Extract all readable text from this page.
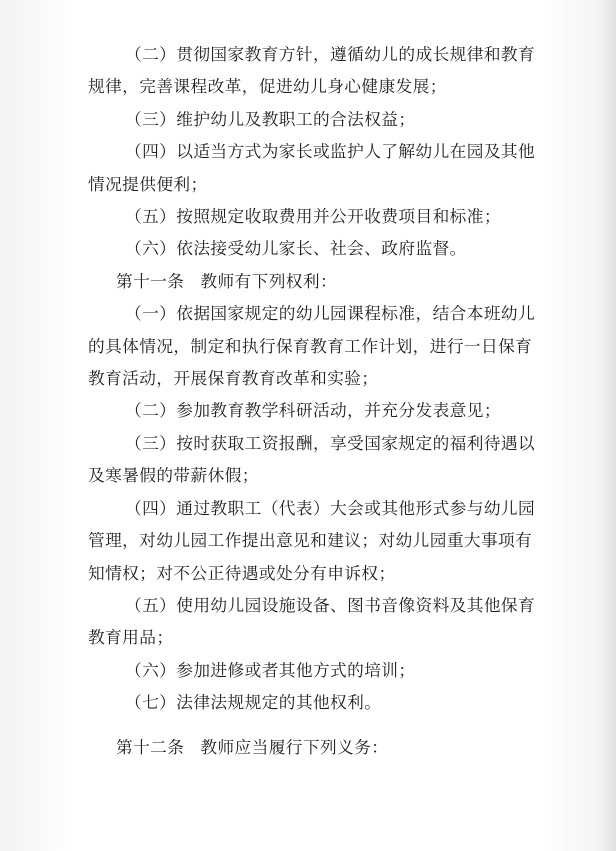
（二）贯彻国家教育方针，遵循幼儿的成长规律和教育
规律，完善课程改革，促进幼儿身心健康发展；
（三）维护幼儿及教职工的合法权益；
（四）以适当方式为家长或监护人了解幼儿在园及其他
情况提供便利；
（五）按照规定收取费用并公开收费项目和标准；
（六）依法接受幼儿家长、社会、政府监督。
第十一条 教师有下列权利：
（一）依据国家规定的幼儿园课程标准，结合本班幼儿
的具体情况，制定和执行保育教育工作计划，进行一日保育
教育活动，开展保育教育改革和实验；
（二）参加教育教学科研活动，并充分发表意见；
（三）按时获取工资报酬，享受国家规定的福利待遇以
及寒暑假的带薪休假；
（四）通过教职工（代表）大会或其他形式参与幼儿园
管理，对幼儿园工作提出意见和建议；对幼儿园重大事项有
知情权；对不公正待遇或处分有申诉权；
（五）使用幼儿园设施设备、图书音像资料及其他保育
教育用品；
（六）参加进修或者其他方式的培训；
（七）法律法规规定的其他权利。
第十二条 教师应当履行下列义务：
